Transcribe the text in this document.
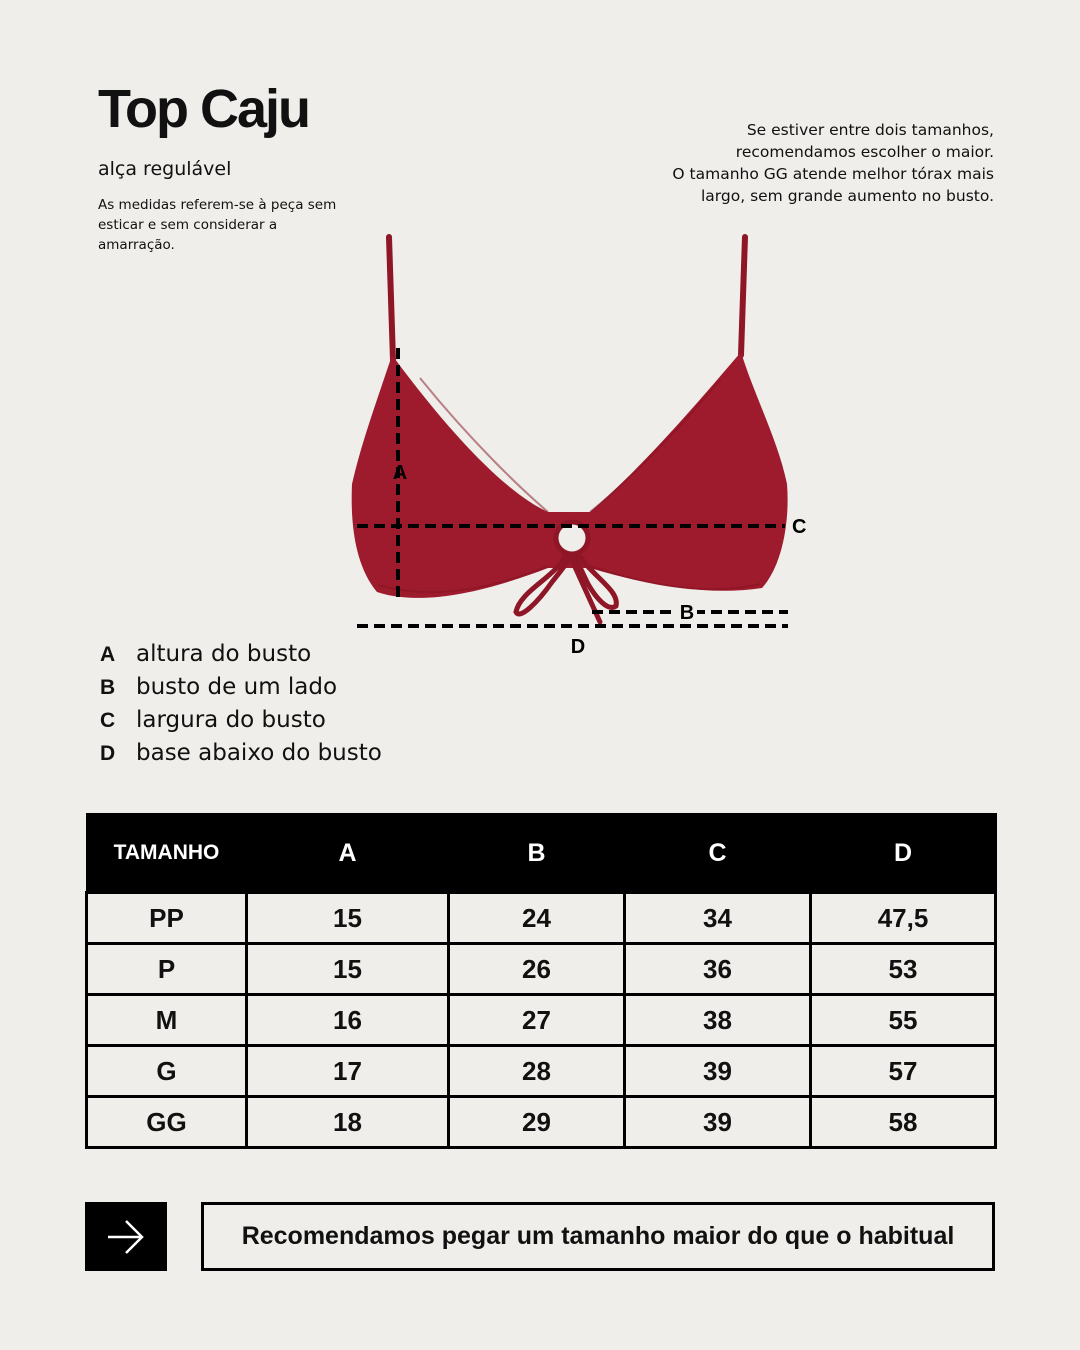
Top Caju
alça regulável
As medidas referem-se à peça sem esticar e sem considerar a amarração.
Se estiver entre dois tamanhos,
recomendamos escolher o maior.
O tamanho GG atende melhor tórax mais
largo, sem grande aumento no busto.
A
C
B
D
A altura do busto
B busto de um lado
C largura do busto
D base abaixo do busto
TAMANHO	A	B	C	D
PP	15	24	34	47,5
P	15	26	36	53
M	16	27	38	55
G	17	28	39	57
GG	18	29	39	58
Recomendamos pegar um tamanho maior do que o habitual
